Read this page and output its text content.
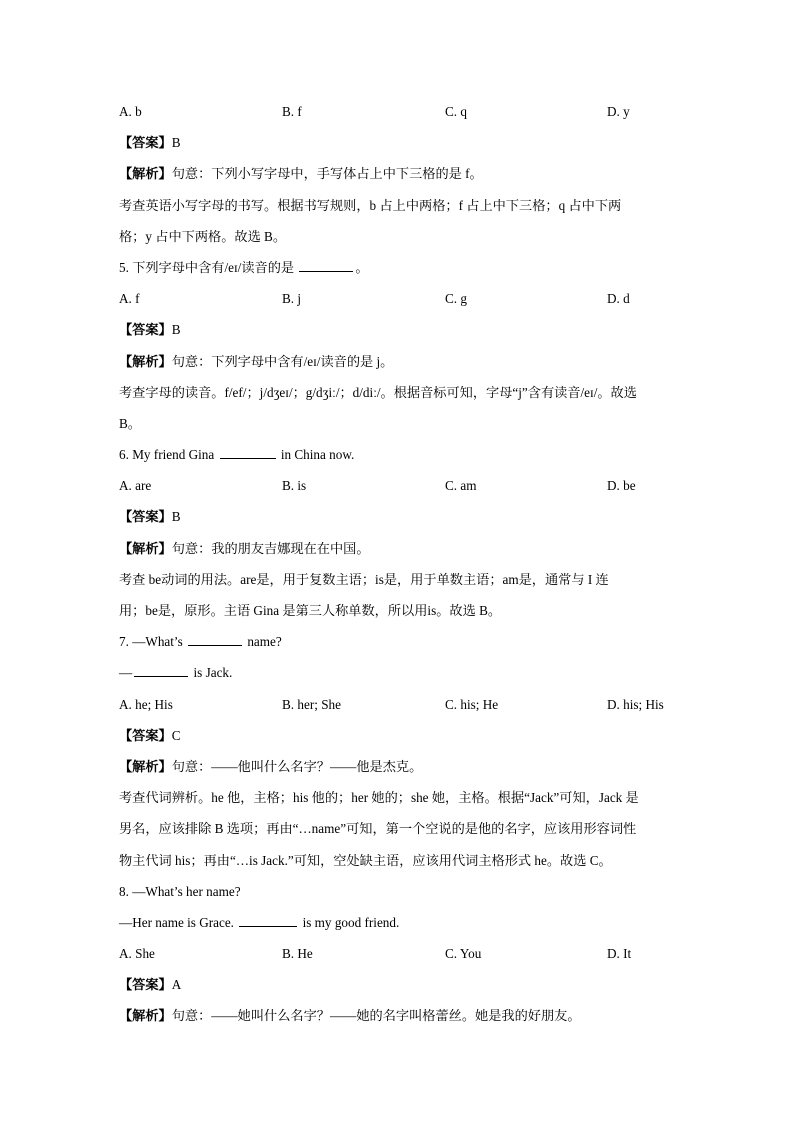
A. b	B. f	C. q	D. y
【答案】B
【解析】句意：下列小写字母中，手写体占上中下三格的是 f。
考查英语小写字母的书写。根据书写规则，b 占上中两格；f 占上中下三格；q 占中下两
格；y 占中下两格。故选 B。
5. 下列字母中含有/eɪ/读音的是	。
A. f	B. j	C. g	D. d
【答案】B
【解析】句意：下列字母中含有/eɪ/读音的是 j。
考查字母的读音。f/ef/；j/dʒeɪ/；g/dʒiː/；d/diː/。根据音标可知，字母“j”含有读音/eɪ/。故选
B。
6. My friend Gina	in China now.
A. are	B. is	C. am	D. be
【答案】B
【解析】句意：我的朋友吉娜现在在中国。
考查 be动词的用法。are是，用于复数主语；is是，用于单数主语；am是，通常与 I 连
用；be是，原形。主语 Gina 是第三人称单数，所以用is。故选 B。
7. —What’s	name?
—	is Jack.
A. he; His	B. her; She	C. his; He	D. his; His
【答案】C
【解析】句意：——他叫什么名字？——他是杰克。
考查代词辨析。he 他，主格；his 他的；her 她的；she 她，主格。根据“Jack”可知，Jack 是
男名，应该排除 B 选项；再由“…name”可知，第一个空说的是他的名字，应该用形容词性
物主代词 his；再由“…is Jack.”可知，空处缺主语，应该用代词主格形式 he。故选 C。
8. —What’s her name?
—Her name is Grace.	is my good friend.
A. She	B. He	C. You	D. It
【答案】A
【解析】句意：——她叫什么名字？——她的名字叫格蕾丝。她是我的好朋友。
